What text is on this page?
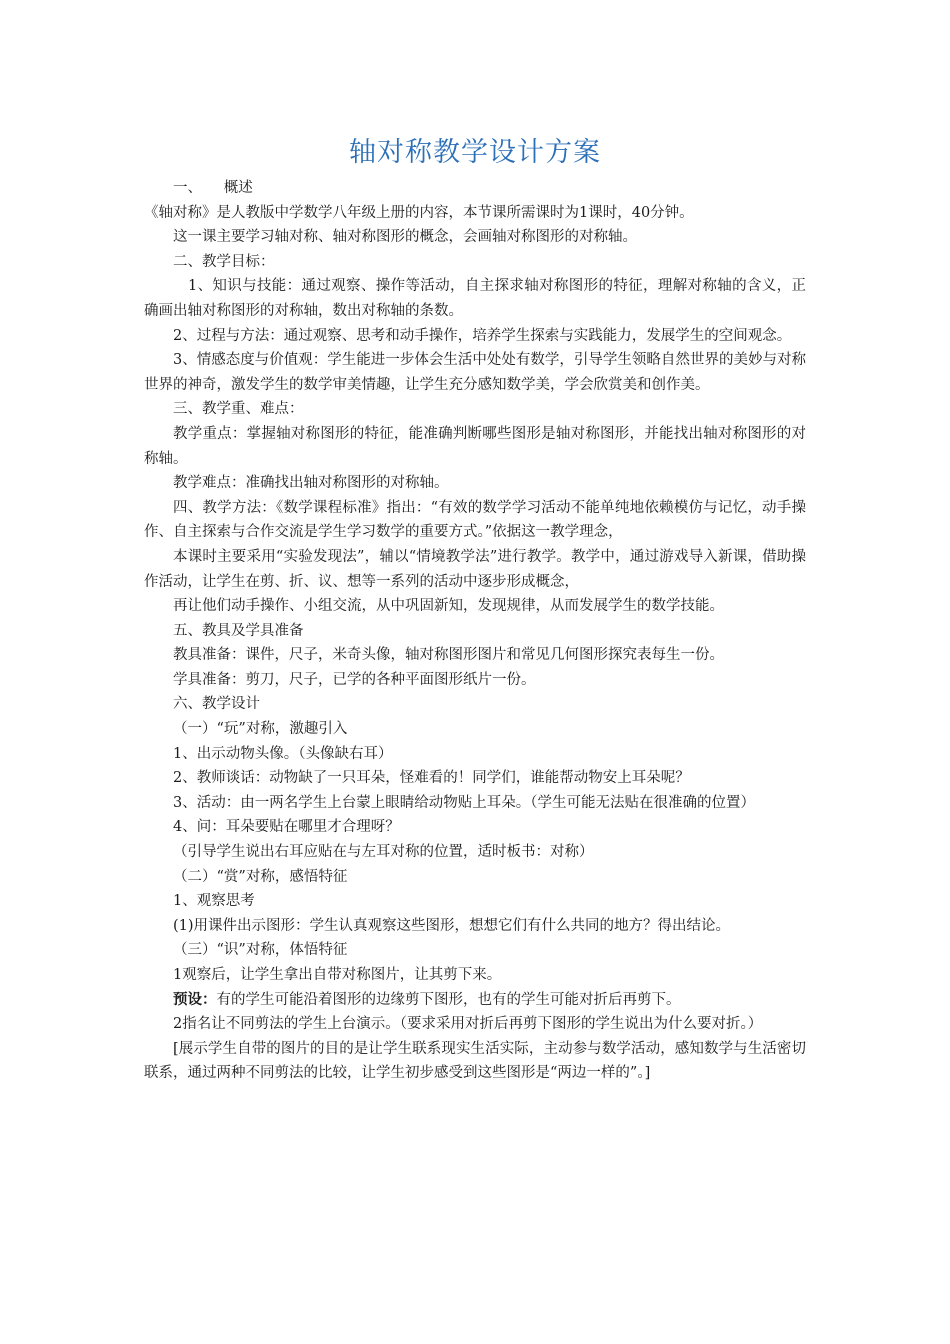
轴对称教学设计方案

一、　　概述

《轴对称》是人教版中学数学八年级上册的内容，本节课所需课时为1课时，40分钟。

这一课主要学习轴对称、轴对称图形的概念，会画轴对称图形的对称轴。

二、教学目标：

1、知识与技能：通过观察、操作等活动，自主探求轴对称图形的特征，理解对称轴的含义，正确画出轴对称图形的对称轴，数出对称轴的条数。

2、过程与方法：通过观察、思考和动手操作，培养学生探索与实践能力，发展学生的空间观念。

3、情感态度与价值观：学生能进一步体会生活中处处有数学，引导学生领略自然世界的美妙与对称世界的神奇，激发学生的数学审美情趣，让学生充分感知数学美，学会欣赏美和创作美。

三、教学重、难点：

教学重点：掌握轴对称图形的特征，能准确判断哪些图形是轴对称图形，并能找出轴对称图形的对称轴。

教学难点：准确找出轴对称图形的对称轴。

四、教学方法：《数学课程标准》指出：“有效的数学学习活动不能单纯地依赖模仿与记忆，动手操作、自主探索与合作交流是学生学习数学的重要方式。”依据这一教学理念，

本课时主要采用“实验发现法”，辅以“情境教学法”进行教学。教学中，通过游戏导入新课，借助操作活动，让学生在剪、折、议、想等一系列的活动中逐步形成概念，

再让他们动手操作、小组交流，从中巩固新知，发现规律，从而发展学生的数学技能。

五、教具及学具准备

教具准备：课件，尺子，米奇头像，轴对称图形图片和常见几何图形探究表每生一份。

学具准备：剪刀，尺子，已学的各种平面图形纸片一份。

六、教学设计

（一）“玩”对称，激趣引入

1、出示动物头像。（头像缺右耳）

2、教师谈话：动物缺了一只耳朵，怪难看的！同学们，谁能帮动物安上耳朵呢？

3、活动：由一两名学生上台蒙上眼睛给动物贴上耳朵。（学生可能无法贴在很准确的位置）

4、问：耳朵要贴在哪里才合理呀？

（引导学生说出右耳应贴在与左耳对称的位置，适时板书：对称）

（二）“赏”对称，感悟特征

1、观察思考

(1)用课件出示图形：学生认真观察这些图形，想想它们有什么共同的地方？得出结论。

（三）“识”对称，体悟特征

1观察后，让学生拿出自带对称图片，让其剪下来。

预设：有的学生可能沿着图形的边缘剪下图形，也有的学生可能对折后再剪下。

2指名让不同剪法的学生上台演示。（要求采用对折后再剪下图形的学生说出为什么要对折。）

[展示学生自带的图片的目的是让学生联系现实生活实际，主动参与数学活动，感知数学与生活密切联系，通过两种不同剪法的比较，让学生初步感受到这些图形是“两边一样的”。]
